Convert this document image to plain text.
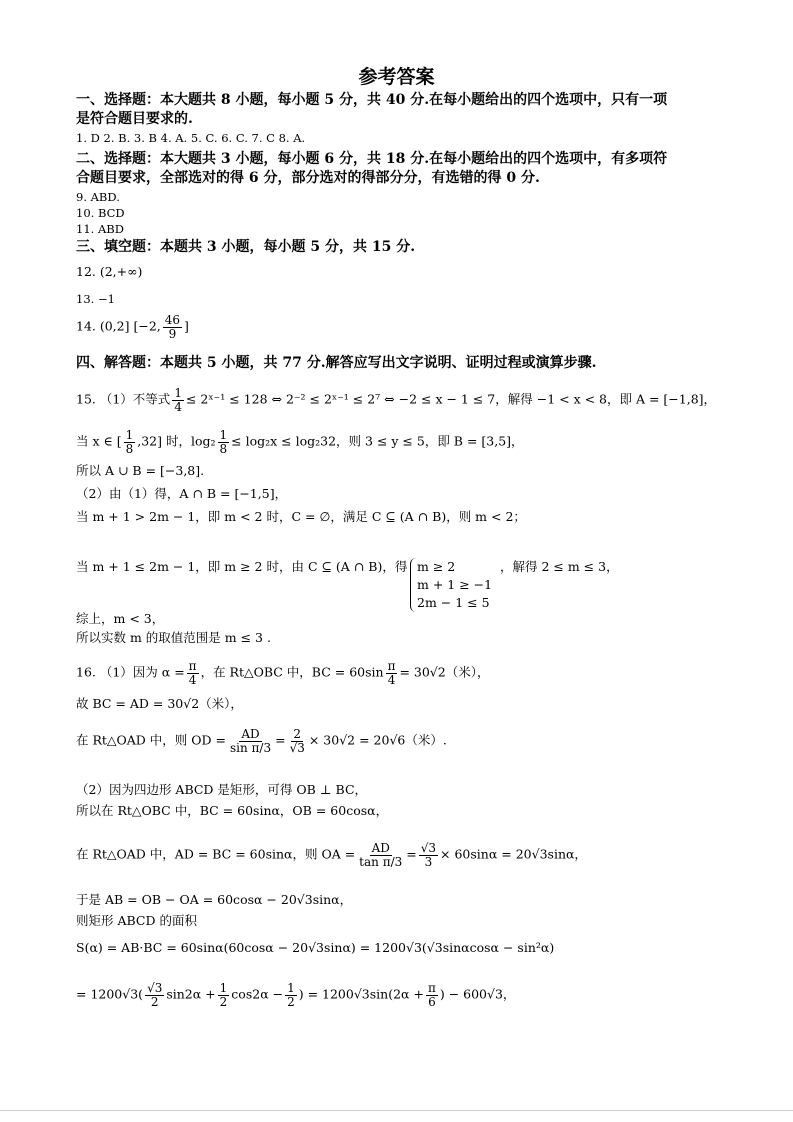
参考答案
一、选择题：本大题共 8 小题，每小题 5 分，共 40 分.在每小题给出的四个选项中，只有一项
是符合题目要求的.
1. D 2. B. 3. B 4. A. 5. C. 6. C. 7. C 8. A.
二、选择题：本大题共 3 小题，每小题 6 分，共 18 分.在每小题给出的四个选项中，有多项符
合题目要求，全部选对的得 6 分，部分选对的得部分分，有选错的得 0 分.
9. ABD.
10. BCD
11. ABD
三、填空题：本题共 3 小题，每小题 5 分，共 15 分.
12. (2,+∞)
13. −1
14. (0,2] [−2, $\frac{46}{9}$ ]
四、解答题：本题共 5 小题，共 77 分.解答应写出文字说明、证明过程或演算步骤.
15. （1）不等式 $\frac{1}{4}$ ≤ 2ˣ⁻¹ ≤ 128 ⇔ 2⁻² ≤ 2ˣ⁻¹ ≤ 2⁷ ⇔ −2 ≤ x − 1 ≤ 7，解得 −1 < x < 8，即 A = [−1,8]，
当 x ∈ [ $\frac{1}{8} ,32$] 时，$\log_2 \frac{1}{8} \le \log_2x \le \log_232$，则 3 ≤ y ≤ 5，即 B = [3,5]，
所以 A ∪ B = [−3,8].
（2）由（1）得，A ∩ B = [−1,5]，
当 m + 1 > 2m − 1，即 m < 2 时，C = ∅，满足 C ⊆ (A ∩ B)，则 m < 2；
当 m + 1 ≤ 2m − 1，即 m ≥ 2 时，由 C ⊆ (A ∩ B)，得 m ≥ 2
m + 1 ≥ −1
2m − 1 ≤ 5
，解得 2 ≤ m ≤ 3，
综上，m < 3，
所以实数 m 的取值范围是 m ≤ 3 .
16. （1）因为 $\alpha = \frac{\pi}{4}$ ，在 Rt△OBC 中，BC = $60\sin \frac{\pi}{4} = 30√2$（米），
故 BC = AD = 30√2（米），
在 Rt△OAD 中，则 OD = $\frac{AD}{\text{sin π/3}} = \frac{2}{√3} \times 30√2 = 20√6$（米）.
（2）因为四边形 ABCD 是矩形，可得 OB ⊥ BC，
所以在 Rt△OBC 中，BC = 60sinα，OB = 60cosα，
在 Rt△OAD 中，AD = BC = 60sinα，则 OA = $\frac{AD}{\text{tan π/3}} = \frac{√3}{3} \times 60\sin\alpha = 20√3\sin\alpha$，
于是 AB = OB − OA = 60cosα − 20√3sinα，
则矩形 ABCD 的面积
S(α) = AB·BC = 60sinα(60cosα − 20√3sinα) = 1200√3(√3sinαcosα − sin²α)
= $1200√3( \frac{√3}{2} \sin 2\alpha + \frac{1}{2} \cos 2\alpha - \frac{1}{2}$ ) = $1200√3\sin(2\alpha + \frac{\pi}{6}$ ) − 600√3，
